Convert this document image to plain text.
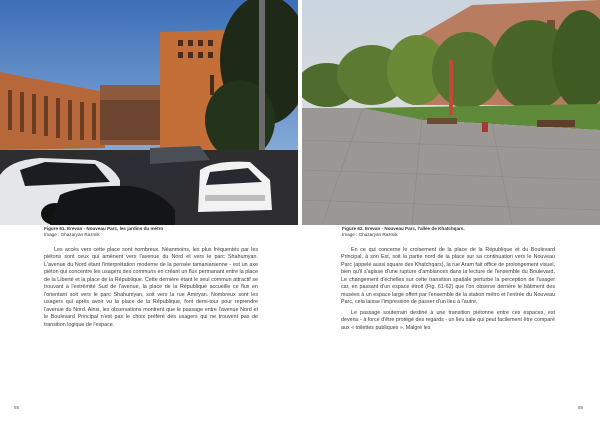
Figure 61. Erevan - Nouveau Parc, les jardins du métro
Image : Ghazaryan Razmik
Figure 62. Erevan - Nouveau Parc, l'allée de Khatchqars.
Image : Ghazaryan Razmik

Les accès vers cette place sont nombreux. Néanmoins, les plus fréquentés par les piétons sont ceux qui amènent vers l'avenue du Nord et vers le parc Shahumyan. L'avenue du Nord étant l'interprétation moderne de la pensée tamanianienne - est un axe piéton qui concentre les usagers des communs en créant un flux permanant entre la place de la Liberté et la place de la République. Cette dernière étant le seul commun attractif se trouvant à l'extrémité Sud de l'avenue, la place de la République accueille ce flux en l'orientant soit vers le parc Shahumyan, soit vers la rue Amiryan. Nombreux sont les usagers qui après avoir vu la place de la République, font demi-tour pour reprendre l'avenue du Nord. Ainsi, les observations montrent que le passage entre l'avenue Nord et le Boulevard Principal n'est pas le choix préféré des usagers qui ne trouvent pas de transition logique de l'espace.

En ce qui concerne le croisement de la place de la République et du Boulevard Principal, à son Est, soit la partie nord de la place sur sa continuation vers le Nouveau Parc (appelé aussi square des Khatchqars), la rue Aram fait office de prolongement visuel, bien qu'il s'agisse d'une rupture d'ambiances dans la lecture de l'ensemble du Boulevard. Le changement d'échelles sur cette transition spatiale perturbe la perception de l'usager car, en passant d'un espace étroit (Fig. 61-62) que l'on observe derrière le bâtiment des musées à un espace large offert par l'ensemble de la station métro et l'entrée du Nouveau Parc, cela laisse l'impression de passer d'un lieu à l'autre.

Le passage souterrain destiné à une transition piétonne entre ces espaces, est devenu - à force d'être protégé des regards - un lieu sale qui peut facilement être comparé aux « toilettes publiques ». Malgré les

88	89
